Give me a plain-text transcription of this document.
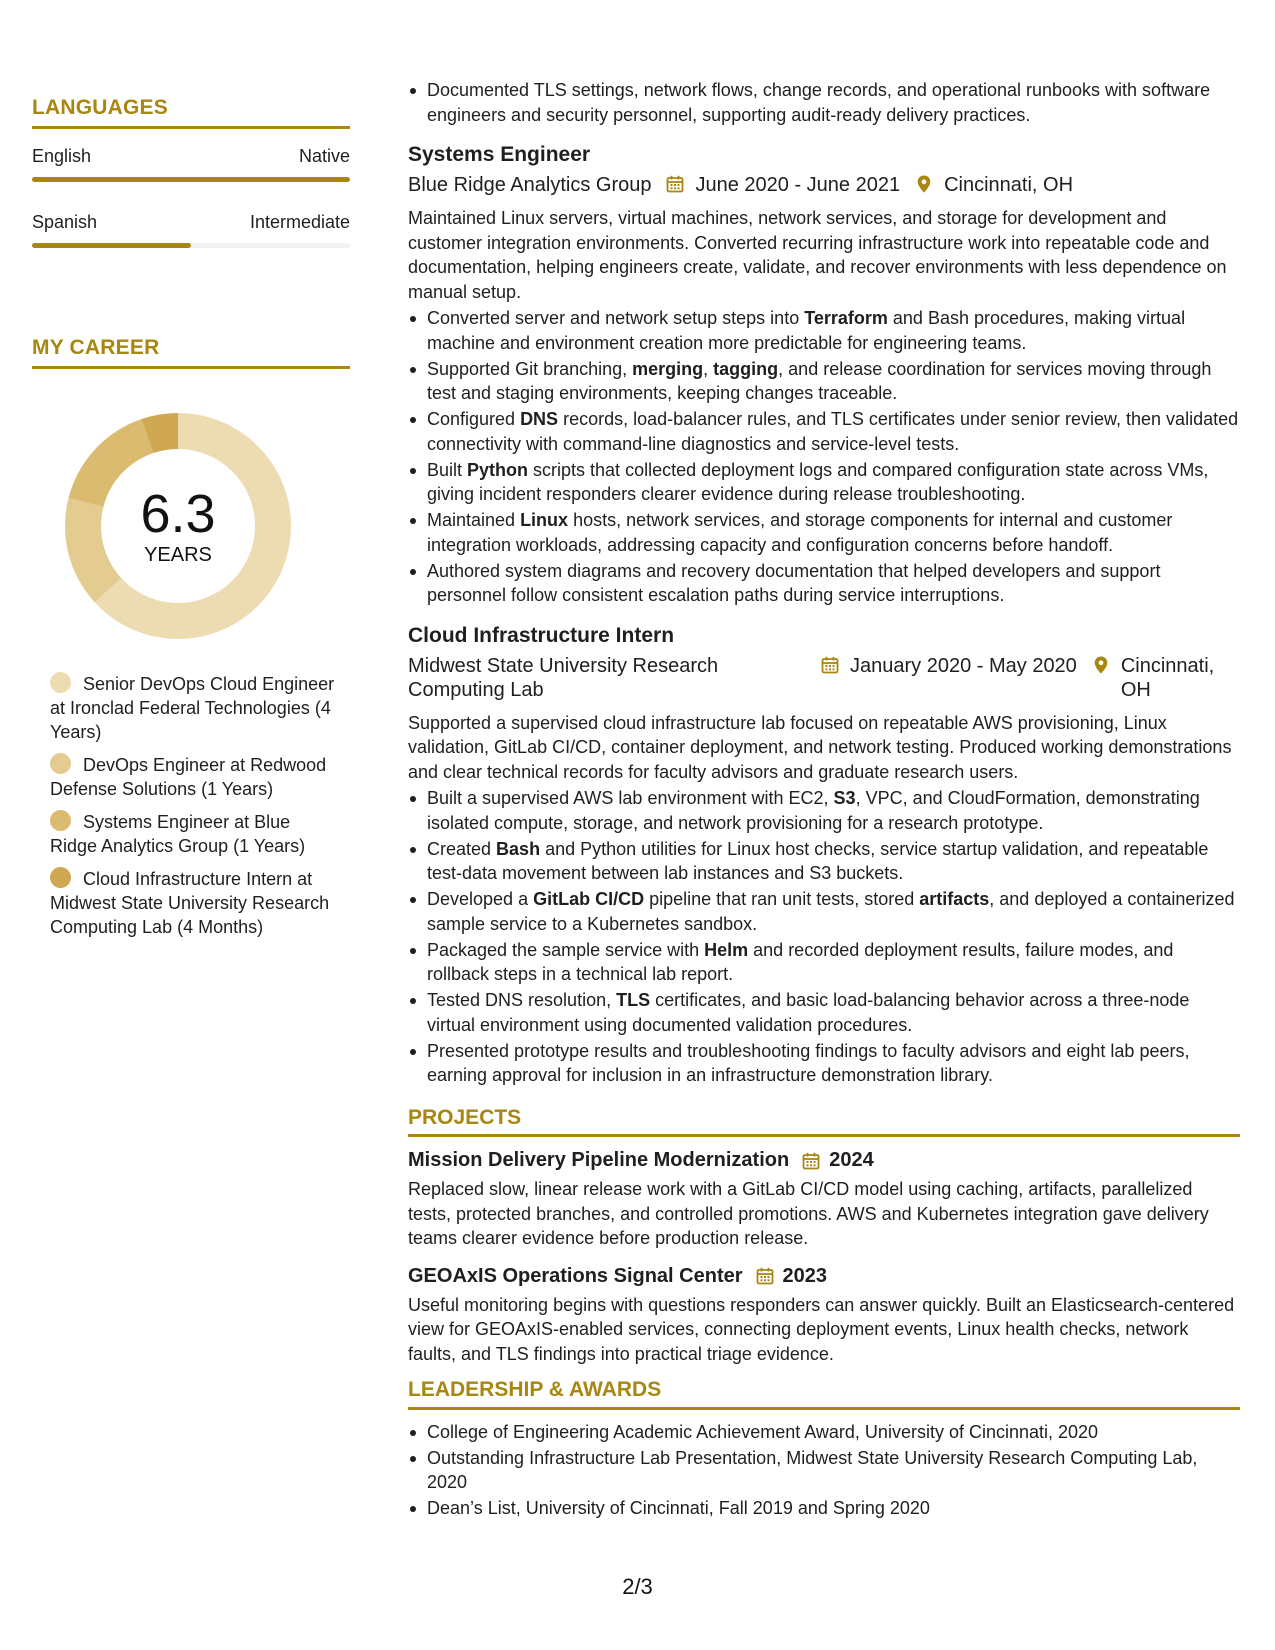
LANGUAGES
English	Native
Spanish	Intermediate
MY CAREER
6.3
YEARS
Senior DevOps Cloud Engineer at Ironclad Federal Technologies (4 Years)
DevOps Engineer at Redwood Defense Solutions (1 Years)
Systems Engineer at Blue Ridge Analytics Group (1 Years)
Cloud Infrastructure Intern at Midwest State University Research Computing Lab (4 Months)
Documented TLS settings, network flows, change records, and operational runbooks with software engineers and security personnel, supporting audit-ready delivery practices.
Systems Engineer
Blue Ridge Analytics Group June 2020 - June 2021 Cincinnati, OH
Maintained Linux servers, virtual machines, network services, and storage for development and customer integration environments. Converted recurring infrastructure work into repeatable code and documentation, helping engineers create, validate, and recover environments with less dependence on manual setup.
Converted server and network setup steps into Terraform and Bash procedures, making virtual machine and environment creation more predictable for engineering teams.
Supported Git branching, merging, tagging, and release coordination for services moving through test and staging environments, keeping changes traceable.
Configured DNS records, load-balancer rules, and TLS certificates under senior review, then validated connectivity with command-line diagnostics and service-level tests.
Built Python scripts that collected deployment logs and compared configuration state across VMs, giving incident responders clearer evidence during release troubleshooting.
Maintained Linux hosts, network services, and storage components for internal and customer integration workloads, addressing capacity and configuration concerns before handoff.
Authored system diagrams and recovery documentation that helped developers and support personnel follow consistent escalation paths during service interruptions.
Cloud Infrastructure Intern
Midwest State University Research Computing Lab
January 2020 - May 2020 Cincinnati, OH
Supported a supervised cloud infrastructure lab focused on repeatable AWS provisioning, Linux validation, GitLab CI/CD, container deployment, and network testing. Produced working demonstrations and clear technical records for faculty advisors and graduate research users.
Built a supervised AWS lab environment with EC2, S3, VPC, and CloudFormation, demonstrating isolated compute, storage, and network provisioning for a research prototype.
Created Bash and Python utilities for Linux host checks, service startup validation, and repeatable test-data movement between lab instances and S3 buckets.
Developed a GitLab CI/CD pipeline that ran unit tests, stored artifacts, and deployed a containerized sample service to a Kubernetes sandbox.
Packaged the sample service with Helm and recorded deployment results, failure modes, and rollback steps in a technical lab report.
Tested DNS resolution, TLS certificates, and basic load-balancing behavior across a three-node virtual environment using documented validation procedures.
Presented prototype results and troubleshooting findings to faculty advisors and eight lab peers, earning approval for inclusion in an infrastructure demonstration library.
PROJECTS
Mission Delivery Pipeline Modernization 2024
Replaced slow, linear release work with a GitLab CI/CD model using caching, artifacts, parallelized tests, protected branches, and controlled promotions. AWS and Kubernetes integration gave delivery teams clearer evidence before production release.
GEOAxIS Operations Signal Center 2023
Useful monitoring begins with questions responders can answer quickly. Built an Elasticsearch-centered view for GEOAxIS-enabled services, connecting deployment events, Linux health checks, network faults, and TLS findings into practical triage evidence.
LEADERSHIP & AWARDS
College of Engineering Academic Achievement Award, University of Cincinnati, 2020
Outstanding Infrastructure Lab Presentation, Midwest State University Research Computing Lab, 2020
Dean’s List, University of Cincinnati, Fall 2019 and Spring 2020
2/3
